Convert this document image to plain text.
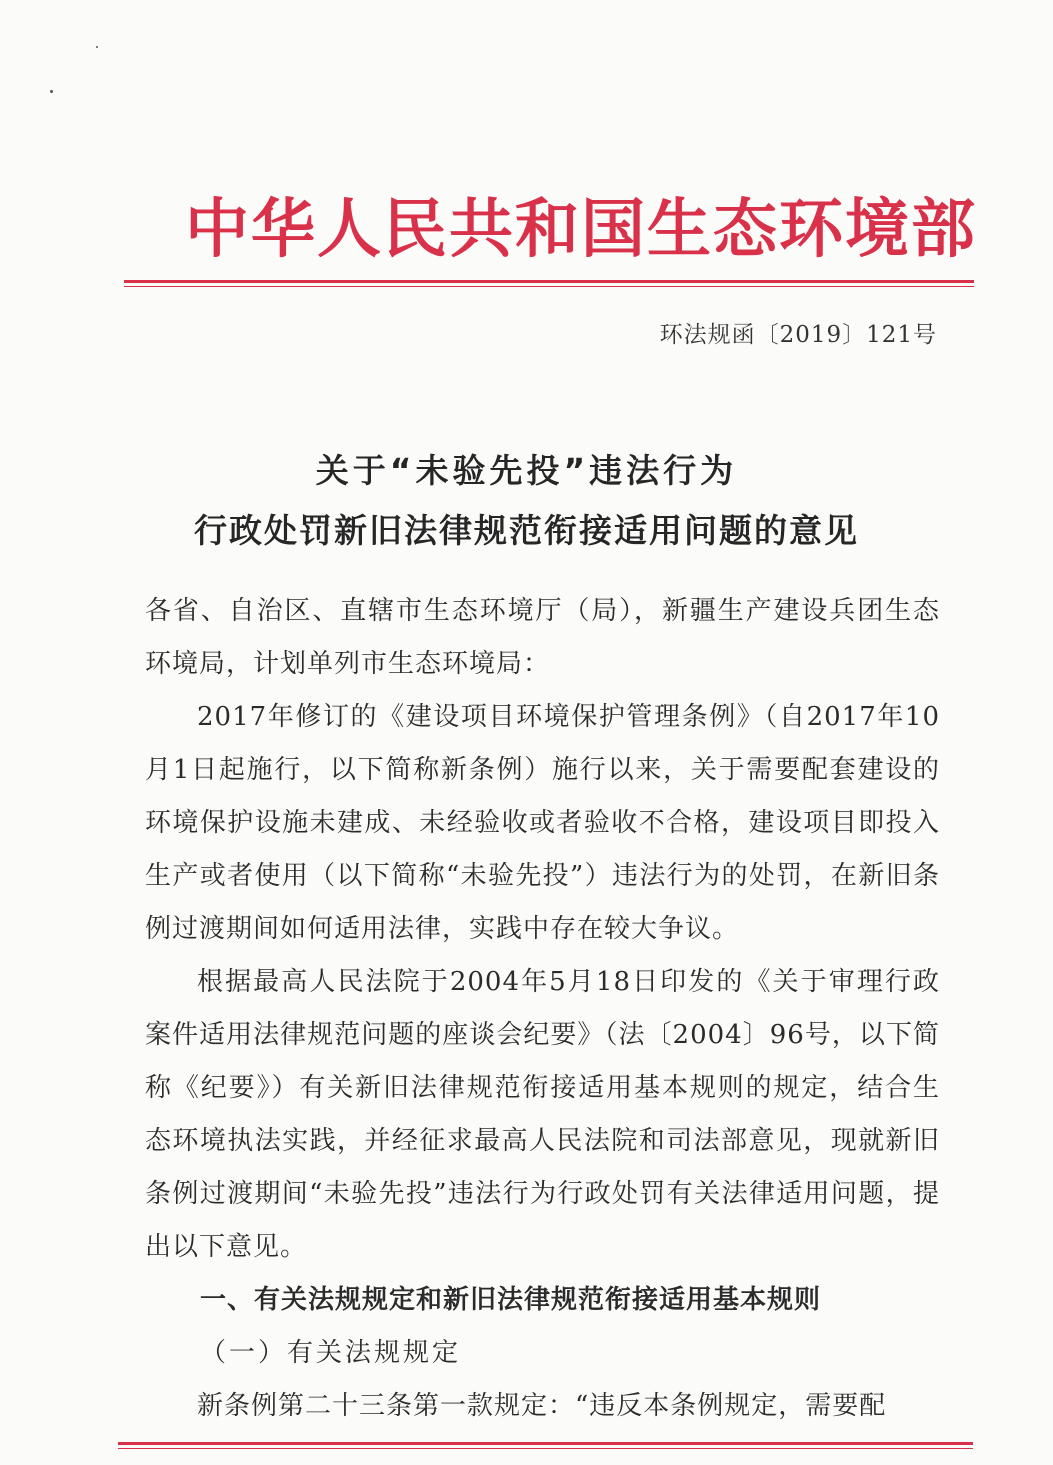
中华人民共和国生态环境部
环法规函〔2019〕121号
关于“未验先投”违法行为
行政处罚新旧法律规范衔接适用问题的意见

各省、自治区、直辖市生态环境厅（局），新疆生产建设兵团生态环境局，计划单列市生态环境局：

2017年修订的《建设项目环境保护管理条例》（自2017年10月1日起施行，以下简称新条例）施行以来，关于需要配套建设的环境保护设施未建成、未经验收或者验收不合格，建设项目即投入生产或者使用（以下简称“未验先投”）违法行为的处罚，在新旧条例过渡期间如何适用法律，实践中存在较大争议。

根据最高人民法院于2004年5月18日印发的《关于审理行政案件适用法律规范问题的座谈会纪要》（法〔2004〕96号，以下简称《纪要》）有关新旧法律规范衔接适用基本规则的规定，结合生态环境执法实践，并经征求最高人民法院和司法部意见，现就新旧条例过渡期间“未验先投”违法行为行政处罚有关法律适用问题，提出以下意见。

一、有关法规规定和新旧法律规范衔接适用基本规则

（一）有关法规规定

新条例第二十三条第一款规定：“违反本条例规定，需要配
